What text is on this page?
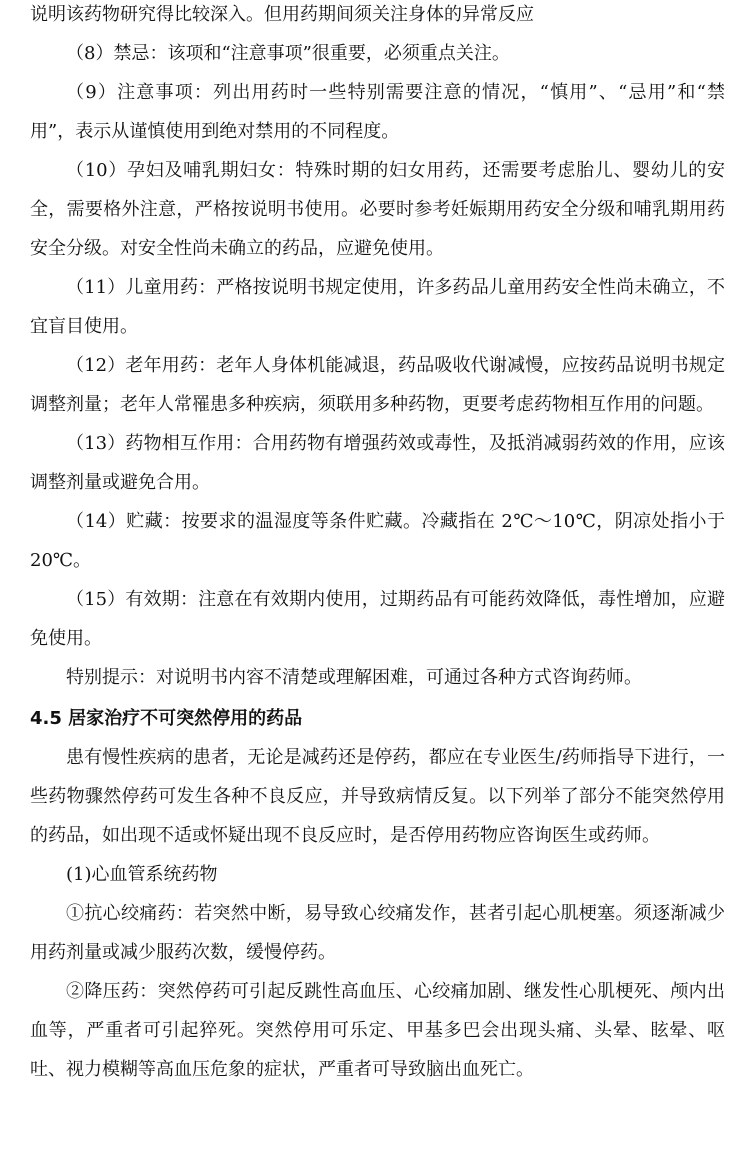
说明该药物研究得比较深入。但用药期间须关注身体的异常反应

（8）禁忌：该项和“注意事项”很重要，必须重点关注。

（9）注意事项：列出用药时一些特别需要注意的情况，“慎用”、“忌用”和“禁用”，表示从谨慎使用到绝对禁用的不同程度。

（10）孕妇及哺乳期妇女：特殊时期的妇女用药，还需要考虑胎儿、婴幼儿的安全，需要格外注意，严格按说明书使用。必要时参考妊娠期用药安全分级和哺乳期用药安全分级。对安全性尚未确立的药品，应避免使用。

（11）儿童用药：严格按说明书规定使用，许多药品儿童用药安全性尚未确立，不宜盲目使用。

（12）老年用药：老年人身体机能减退，药品吸收代谢减慢，应按药品说明书规定调整剂量；老年人常罹患多种疾病，须联用多种药物，更要考虑药物相互作用的问题。

（13）药物相互作用：合用药物有增强药效或毒性，及抵消减弱药效的作用，应该调整剂量或避免合用。

（14）贮藏：按要求的温湿度等条件贮藏。冷藏指在 2℃～10℃，阴凉处指小于 20℃。

（15）有效期：注意在有效期内使用，过期药品有可能药效降低，毒性增加，应避免使用。

特别提示：对说明书内容不清楚或理解困难，可通过各种方式咨询药师。

4.5 居家治疗不可突然停用的药品

患有慢性疾病的患者，无论是减药还是停药，都应在专业医生/药师指导下进行，一些药物骤然停药可发生各种不良反应，并导致病情反复。以下列举了部分不能突然停用的药品，如出现不适或怀疑出现不良反应时，是否停用药物应咨询医生或药师。

(1)心血管系统药物

①抗心绞痛药：若突然中断，易导致心绞痛发作，甚者引起心肌梗塞。须逐渐减少用药剂量或减少服药次数，缓慢停药。

②降压药：突然停药可引起反跳性高血压、心绞痛加剧、继发性心肌梗死、颅内出血等，严重者可引起猝死。突然停用可乐定、甲基多巴会出现头痛、头晕、眩晕、呕吐、视力模糊等高血压危象的症状，严重者可导致脑出血死亡。
